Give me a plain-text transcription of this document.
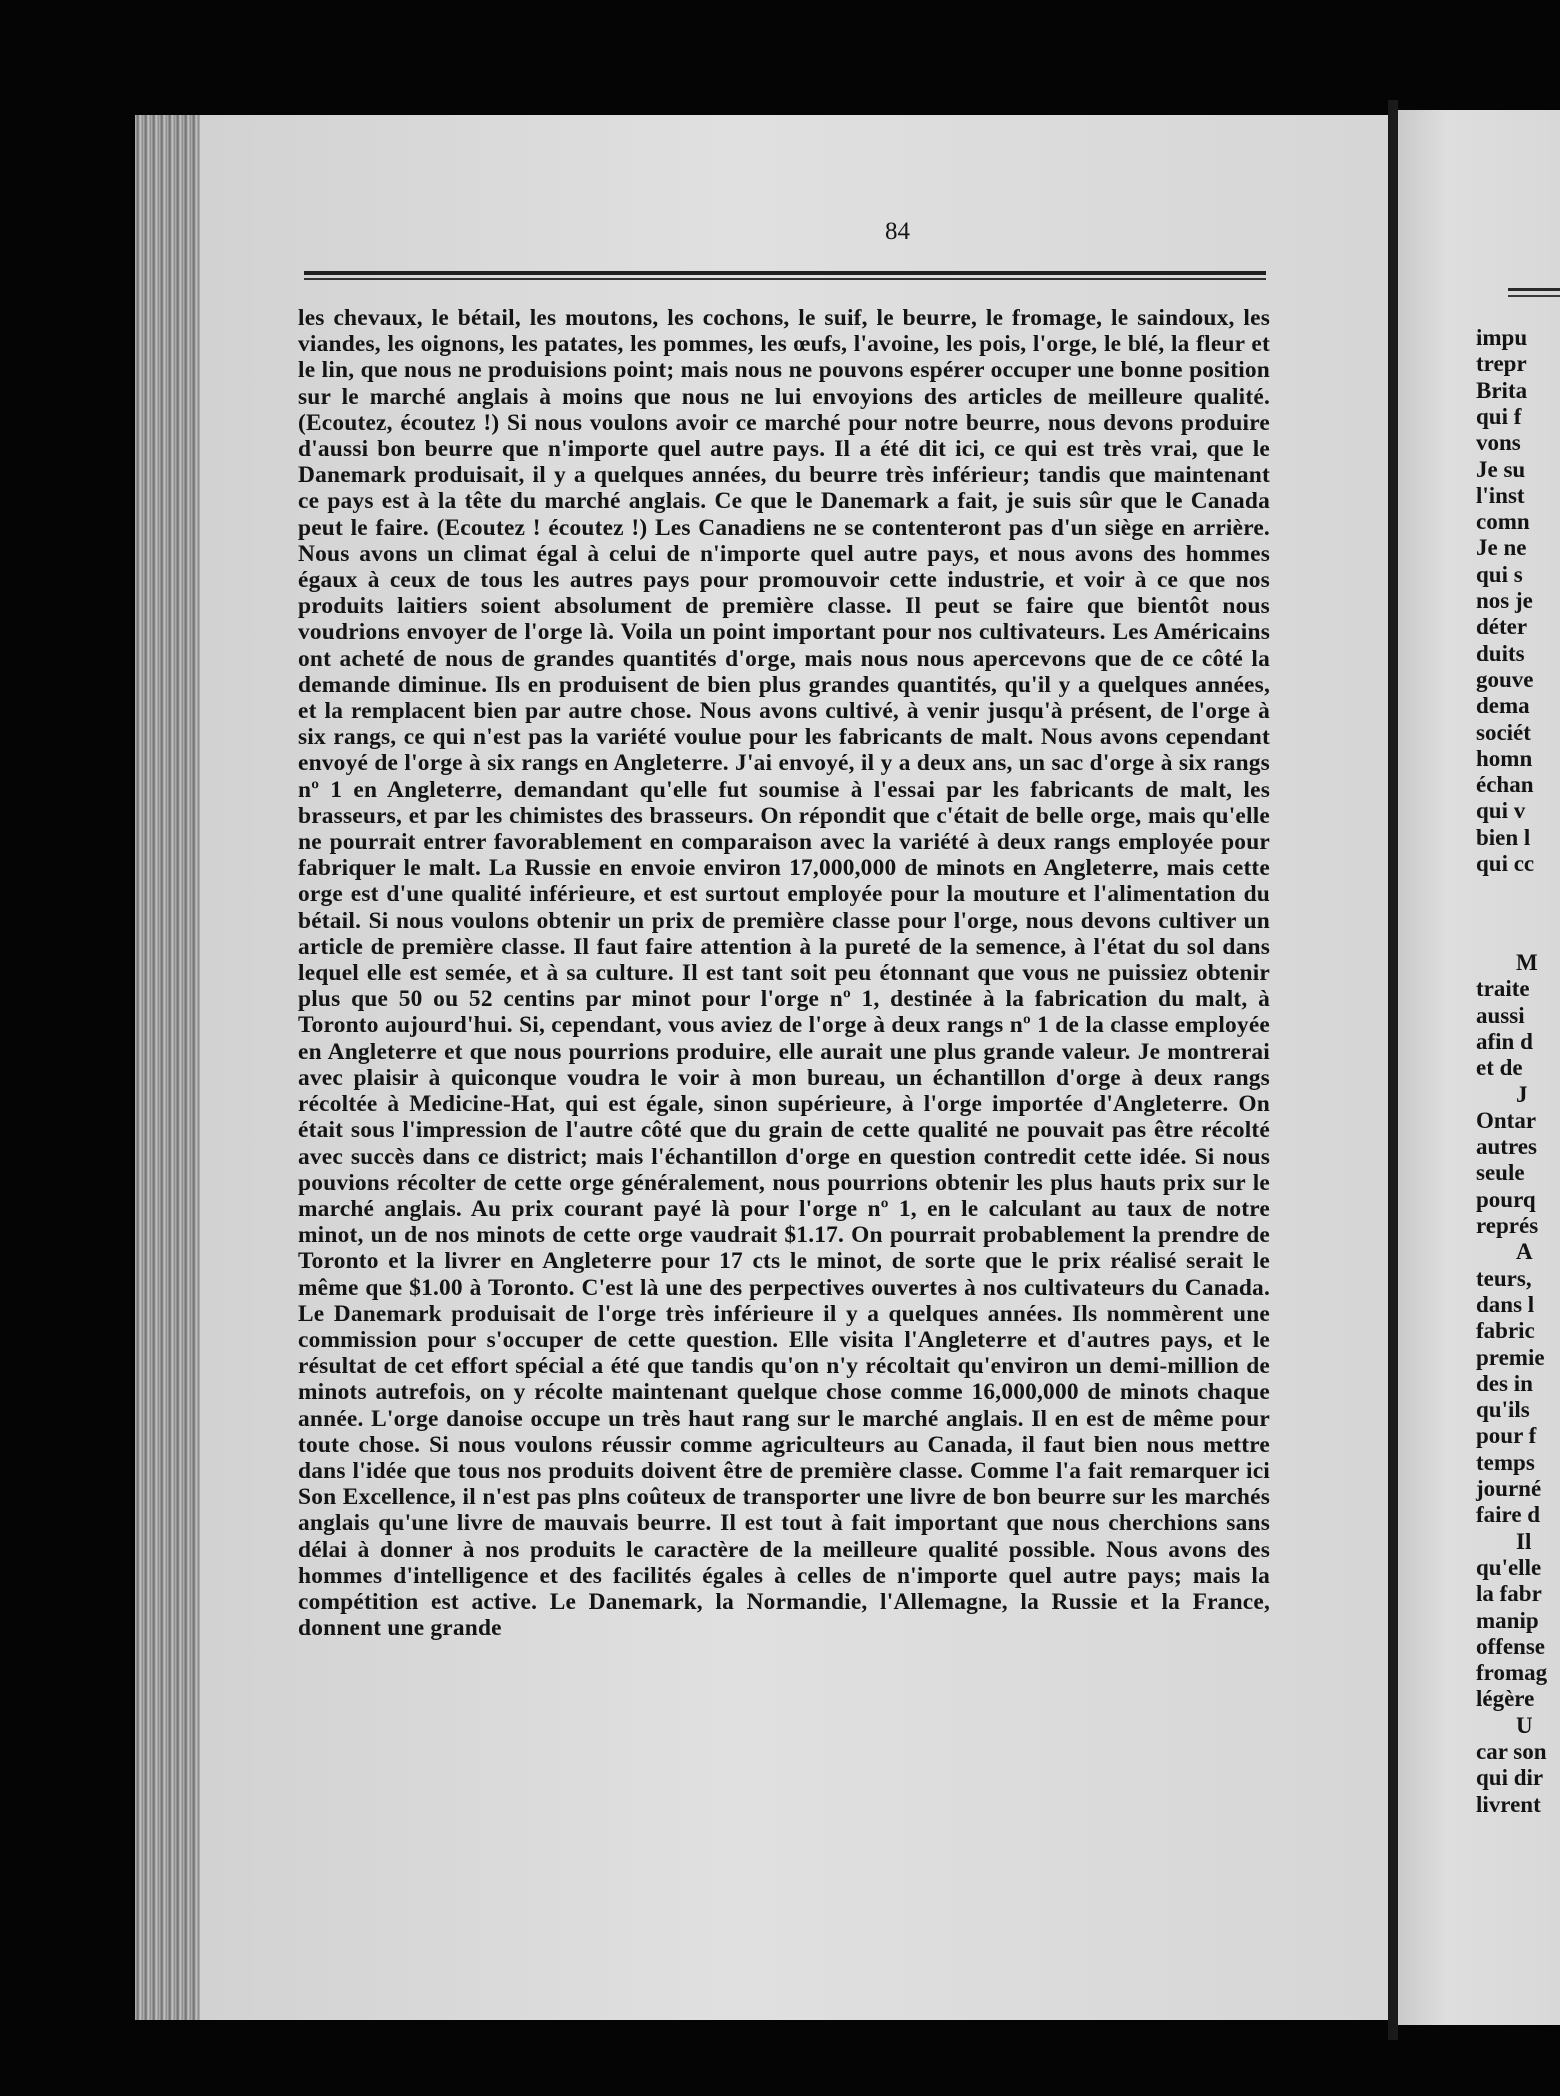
84
les chevaux, le bétail, les moutons, les cochons, le suif, le beurre, le fromage, le saindoux, les viandes, les oignons, les patates, les pommes, les œufs, l'avoine, les pois, l'orge, le blé, la fleur et le lin, que nous ne produisions point; mais nous ne pouvons espérer occuper une bonne position sur le marché anglais à moins que nous ne lui envoyions des articles de meilleure qualité. (Ecoutez, écoutez !) Si nous voulons avoir ce marché pour notre beurre, nous devons produire d'aussi bon beurre que n'importe quel autre pays. Il a été dit ici, ce qui est très vrai, que le Danemark produisait, il y a quelques années, du beurre très inférieur; tandis que maintenant ce pays est à la tête du marché anglais. Ce que le Danemark a fait, je suis sûr que le Canada peut le faire. (Ecoutez ! écoutez !) Les Canadiens ne se contenteront pas d'un siège en arrière. Nous avons un climat égal à celui de n'importe quel autre pays, et nous avons des hommes égaux à ceux de tous les autres pays pour promouvoir cette industrie, et voir à ce que nos produits laitiers soient absolument de première classe. Il peut se faire que bientôt nous voudrions envoyer de l'orge là. Voila un point important pour nos cultivateurs. Les Américains ont acheté de nous de grandes quantités d'orge, mais nous nous apercevons que de ce côté la demande diminue. Ils en produisent de bien plus grandes quantités, qu'il y a quelques années, et la remplacent bien par autre chose. Nous avons cultivé, à venir jusqu'à présent, de l'orge à six rangs, ce qui n'est pas la variété voulue pour les fabricants de malt. Nous avons cependant envoyé de l'orge à six rangs en Angleterre. J'ai envoyé, il y a deux ans, un sac d'orge à six rangs nº 1 en Angleterre, demandant qu'elle fut soumise à l'essai par les fabricants de malt, les brasseurs, et par les chimistes des brasseurs. On répondit que c'était de belle orge, mais qu'elle ne pourrait entrer favorablement en comparaison avec la variété à deux rangs employée pour fabriquer le malt. La Russie en envoie environ 17,000,000 de minots en Angleterre, mais cette orge est d'une qualité inférieure, et est surtout employée pour la mouture et l'alimentation du bétail. Si nous voulons obtenir un prix de première classe pour l'orge, nous devons cultiver un article de première classe. Il faut faire attention à la pureté de la semence, à l'état du sol dans lequel elle est semée, et à sa culture. Il est tant soit peu étonnant que vous ne puissiez obtenir plus que 50 ou 52 centins par minot pour l'orge nº 1, destinée à la fabrication du malt, à Toronto aujourd'hui. Si, cependant, vous aviez de l'orge à deux rangs nº 1 de la classe employée en Angleterre et que nous pourrions produire, elle aurait une plus grande valeur. Je montrerai avec plaisir à quiconque voudra le voir à mon bureau, un échantillon d'orge à deux rangs récoltée à Medicine-Hat, qui est égale, sinon supérieure, à l'orge importée d'Angleterre. On était sous l'impression de l'autre côté que du grain de cette qualité ne pouvait pas être récolté avec succès dans ce district; mais l'échantillon d'orge en question contredit cette idée. Si nous pouvions récolter de cette orge généralement, nous pourrions obtenir les plus hauts prix sur le marché anglais. Au prix courant payé là pour l'orge nº 1, en le calculant au taux de notre minot, un de nos minots de cette orge vaudrait $1.17. On pourrait probablement la prendre de Toronto et la livrer en Angleterre pour 17 cts le minot, de sorte que le prix réalisé serait le même que $1.00 à Toronto. C'est là une des perpectives ouvertes à nos cultivateurs du Canada. Le Danemark produisait de l'orge très inférieure il y a quelques années. Ils nommèrent une commission pour s'occuper de cette question. Elle visita l'Angleterre et d'autres pays, et le résultat de cet effort spécial a été que tandis qu'on n'y récoltait qu'environ un demi-million de minots autrefois, on y récolte maintenant quelque chose comme 16,000,000 de minots chaque année. L'orge danoise occupe un très haut rang sur le marché anglais. Il en est de même pour toute chose. Si nous voulons réussir comme agriculteurs au Canada, il faut bien nous mettre dans l'idée que tous nos produits doivent être de première classe. Comme l'a fait remarquer ici Son Excellence, il n'est pas plns coûteux de transporter une livre de bon beurre sur les marchés anglais qu'une livre de mauvais beurre. Il est tout à fait important que nous cherchions sans délai à donner à nos produits le caractère de la meilleure qualité possible. Nous avons des hommes d'intelligence et des facilités égales à celles de n'importe quel autre pays; mais la compétition est active. Le Danemark, la Normandie, l'Allemagne, la Russie et la France, donnent une grande
impu
trepr
Brita
qui f
vons
Je su
l'inst
comn
Je ne
qui s
nos je
déter
duits
gouve
dema
sociét
homn
échan
qui v
bien l
qui cc
M
traite
aussi
afin d
et de
J
Ontar
autres
seule
pourq
représ
A
teurs,
dans l
fabric
premie
des in
qu'ils
pour f
temps
journé
faire d
Il
qu'elle
la fabr
manip
offense
fromag
légère
U
car son
qui dir
livrent
